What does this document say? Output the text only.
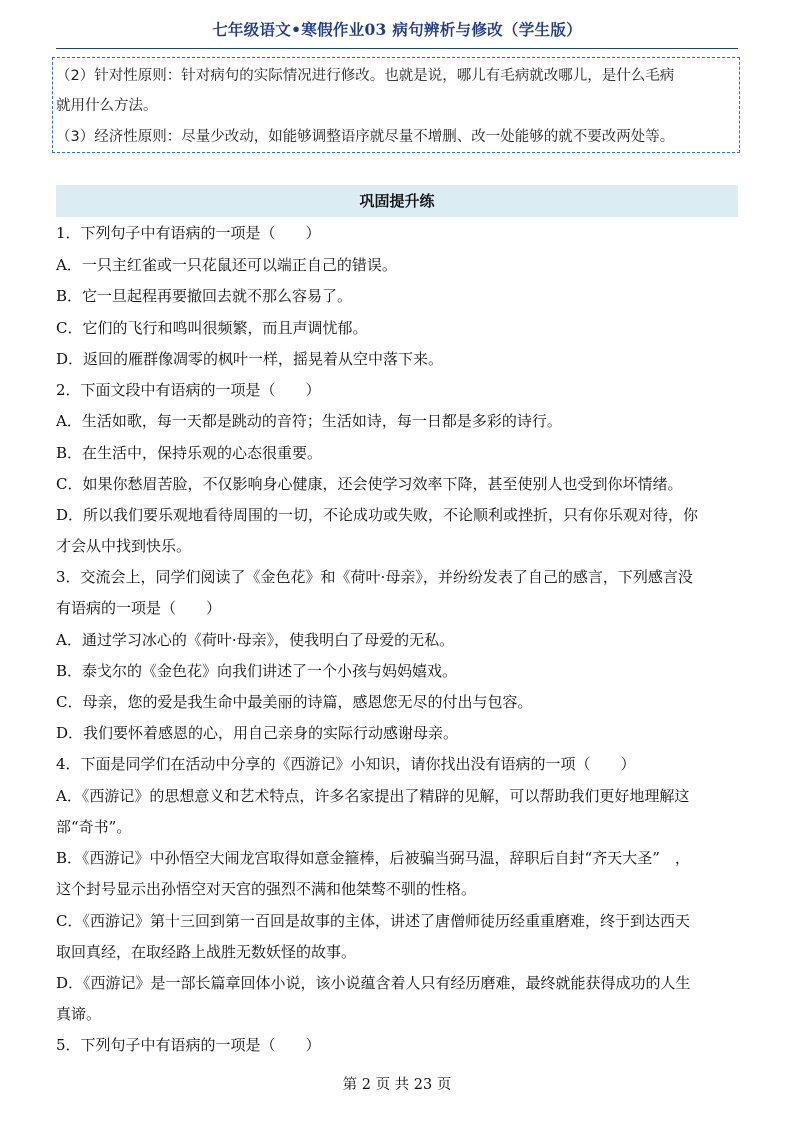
七年级语文•寒假作业03 病句辨析与修改（学生版）
（2）针对性原则：针对病句的实际情况进行修改。也就是说，哪儿有毛病就改哪儿，是什么毛病
就用什么方法。
（3）经济性原则：尽量少改动，如能够调整语序就尽量不增删、改一处能够的就不要改两处等。
巩固提升练
1．下列句子中有语病的一项是（　　）
A．一只主红雀或一只花鼠还可以端正自己的错误。
B．它一旦起程再要撤回去就不那么容易了。
C．它们的飞行和鸣叫很频繁，而且声调忧郁。
D．返回的雁群像凋零的枫叶一样，摇晃着从空中落下来。
2．下面文段中有语病的一项是（　　）
A．生活如歌，每一天都是跳动的音符；生活如诗，每一日都是多彩的诗行。
B．在生活中，保持乐观的心态很重要。
C．如果你愁眉苦脸，不仅影响身心健康，还会使学习效率下降，甚至使别人也受到你坏情绪。
D．所以我们要乐观地看待周围的一切，不论成功或失败，不论顺利或挫折，只有你乐观对待，你
才会从中找到快乐。
3．交流会上，同学们阅读了《金色花》和《荷叶·母亲》，并纷纷发表了自己的感言，下列感言没
有语病的一项是（　　）
A．通过学习冰心的《荷叶·母亲》，使我明白了母爱的无私。
B．泰戈尔的《金色花》向我们讲述了一个小孩与妈妈嬉戏。
C．母亲，您的爱是我生命中最美丽的诗篇，感恩您无尽的付出与包容。
D．我们要怀着感恩的心，用自己亲身的实际行动感谢母亲。
4．下面是同学们在活动中分享的《西游记》小知识，请你找出没有语病的一项（　　）
A．《西游记》的思想意义和艺术特点，许多名家提出了精辟的见解，可以帮助我们更好地理解这
部“奇书”。
B．《西游记》中孙悟空大闹龙宫取得如意金箍棒，后被骗当弼马温，辞职后自封“齐天大圣”　，
这个封号显示出孙悟空对天宫的强烈不满和他桀骜不驯的性格。
C．《西游记》第十三回到第一百回是故事的主体，讲述了唐僧师徒历经重重磨难，终于到达西天
取回真经，在取经路上战胜无数妖怪的故事。
D．《西游记》是一部长篇章回体小说，该小说蕴含着人只有经历磨难，最终就能获得成功的人生
真谛。
5．下列句子中有语病的一项是（　　）
第 2 页 共 23 页
